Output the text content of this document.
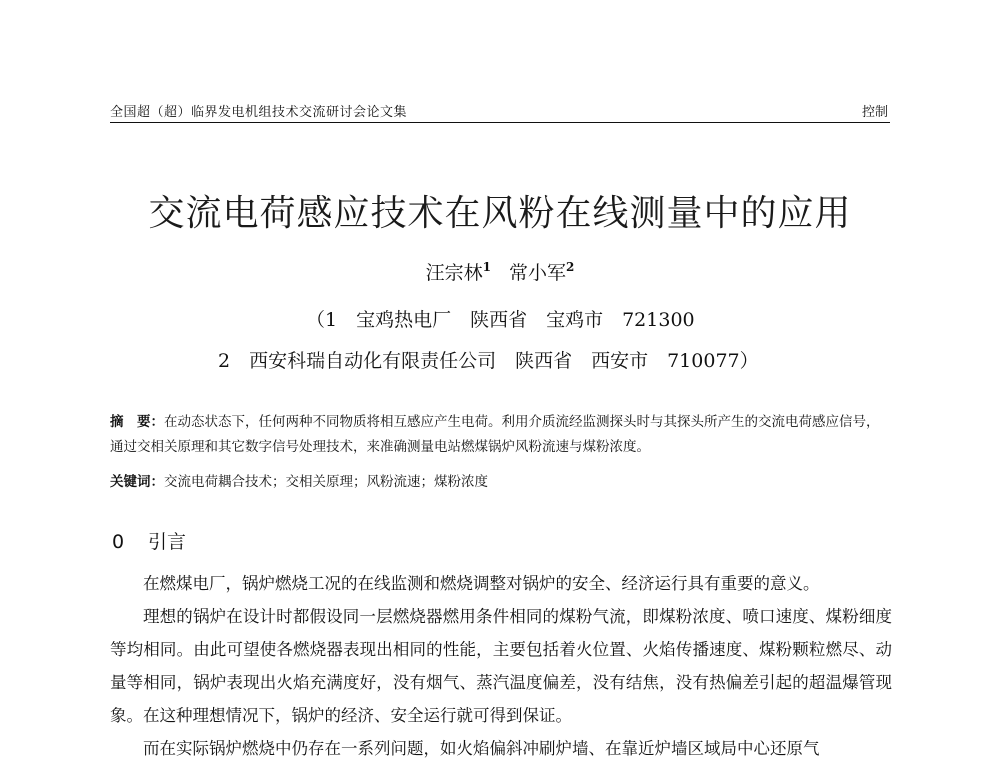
全国超（超）临界发电机组技术交流研讨会论文集	控制
交流电荷感应技术在风粉在线测量中的应用
汪宗林$^1$ 常小军$^2$
（1　宝鸡热电厂　陕西省　宝鸡市　721300
2　西安科瑞自动化有限责任公司　陕西省　西安市　710077）

摘　要：在动态状态下，任何两种不同物质将相互感应产生电荷。利用介质流经监测探头时与其探头所产生的交流电荷感应信号，通过交相关原理和其它数字信号处理技术，来准确测量电站燃煤锅炉风粉流速与煤粉浓度。

关键词：交流电荷耦合技术；交相关原理；风粉流速；煤粉浓度
0 引言

在燃煤电厂，锅炉燃烧工况的在线监测和燃烧调整对锅炉的安全、经济运行具有重要的意义。

理想的锅炉在设计时都假设同一层燃烧器燃用条件相同的煤粉气流，即煤粉浓度、喷口速度、煤粉细度等均相同。由此可望使各燃烧器表现出相同的性能，主要包括着火位置、火焰传播速度、煤粉颗粒燃尽、动量等相同，锅炉表现出火焰充满度好，没有烟气、蒸汽温度偏差，没有结焦，没有热偏差引起的超温爆管现象。在这种理想情况下，锅炉的经济、安全运行就可得到保证。

而在实际锅炉燃烧中仍存在一系列问题，如火焰偏斜冲刷炉墙、在靠近炉墙区域局中心还原气
